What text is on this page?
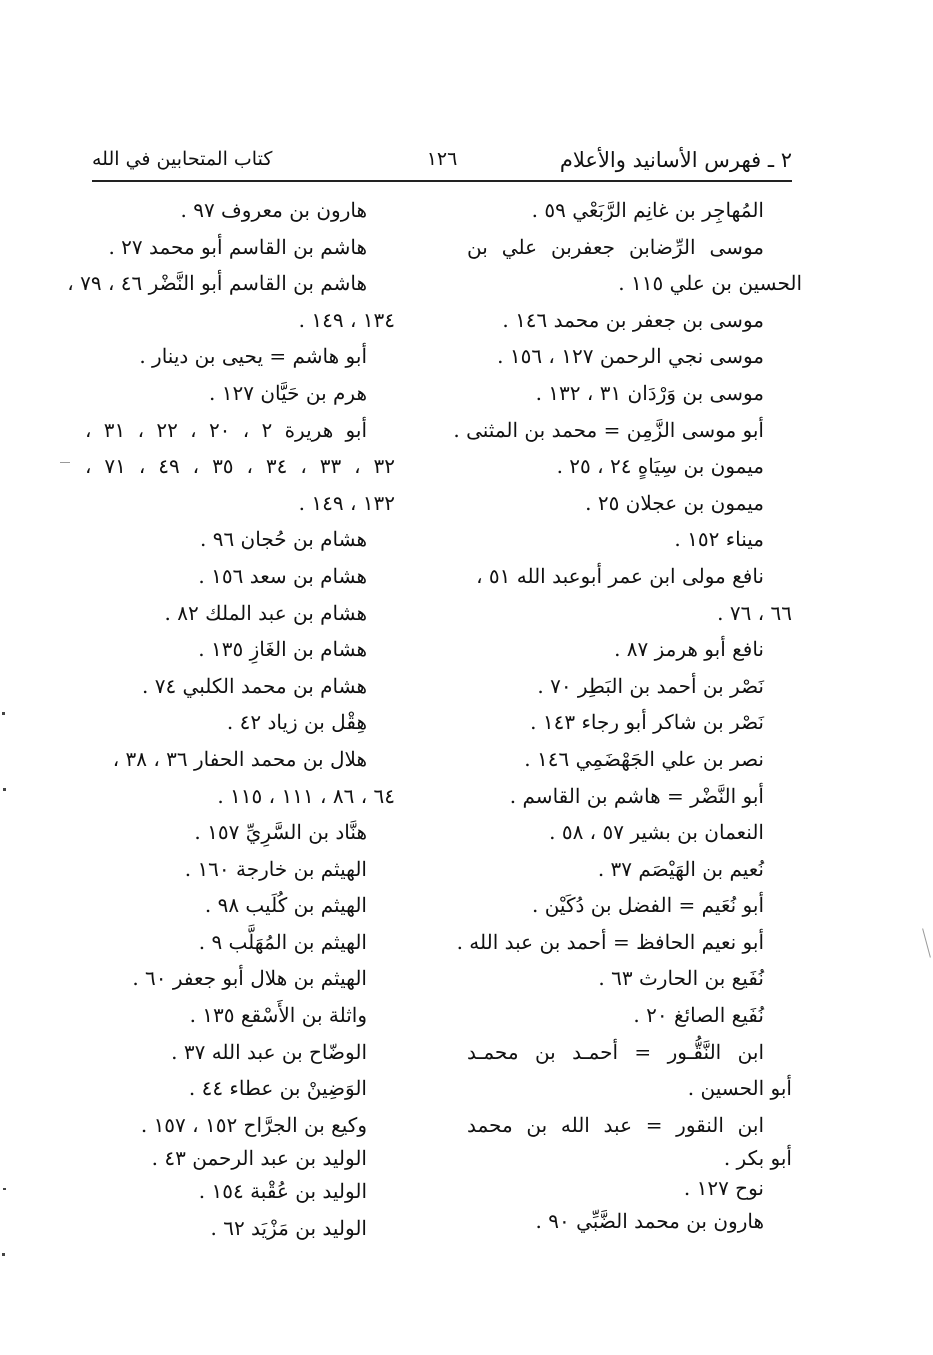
٢ ـ فهرس الأسانيد والأعلام
١٢٦
كتاب المتحابين في الله
المُهاجِر بن غانِم الرَّبَعْي ٥٩ .
موسى الرِّضابن جعفربن علي بن
الحسين بن علي ١١٥ .
موسى بن جعفر بن محمد ١٤٦ .
موسى نجي الرحمن ١٢٧ ، ١٥٦ .
موسى بن وَرْدَان ٣١ ، ١٣٢ .
أبو موسى الزَّمِن = محمد بن المثنى .
ميمون بن سِيَاهٍ ٢٤ ، ٢٥ .
ميمون بن عجلان ٢٥ .
ميناء ١٥٢ .
نافع مولى ابن عمر أبوعبد الله ٥١ ،
٦٦ ، ٧٦ .
نافع أبو هرمز ٨٧ .
نَصْر بن أحمد بن البَطِر ٧٠ .
نَصْر بن شاكر أبو رجاء ١٤٣ .
نصر بن علي الجَهْضَمِي ١٤٦ .
أبو النَّضْر = هاشم بن القاسم .
النعمان بن بشير ٥٧ ، ٥٨ .
نُعيم بن الهَيْصَم ٣٧ .
أبو نُعَيم = الفضل بن دُكَيْن .
أبو نعيم الحافظ = أحمد بن عبد الله .
نُفَيع بن الحارث ٦٣ .
نُفَيع الصائغ ٢٠ .
ابن النَّقُّـور = أحمـد بن محمـد
أبو الحسين .
ابن النقور = عبد الله بن محمد
أبو بكر .
نوح ١٢٧ .
هارون بن محمد الضَّبِّي ٩٠ .
هارون بن معروف ٩٧ .
هاشم بن القاسم أبو محمد ٢٧ .
هاشم بن القاسم أبو النَّضْر ٤٦ ، ٧٩ ،
١٣٤ ، ١٤٩ .
أبو هاشم = يحيى بن دينار .
هرم بن حَيَّان ١٢٧ .
أبو هريرة ٢ ، ٢٠ ، ٢٢ ، ٣١ ،
٣٢ ، ٣٣ ، ٣٤ ، ٣٥ ، ٤٩ ، ٧١ ،
١٣٢ ، ١٤٩ .
هشام بن حُجان ٩٦ .
هشام بن سعد ١٥٦ .
هشام بن عبد الملك ٨٢ .
هشام بن الغَازِ ١٣٥ .
هشام بن محمد الكلبي ٧٤ .
هِقْل بن زياد ٤٢ .
هلال بن محمد الحفار ٣٦ ، ٣٨ ،
٦٤ ، ٨٦ ، ١١١ ، ١١٥ .
هنَّاد بن السَّرِيِّ ١٥٧ .
الهيثم بن خارجة ١٦٠ .
الهيثم بن كُلَيب ٩٨ .
الهيثم بن المُهَلَّب ٩ .
الهيثم بن هلال أبو جعفر ٦٠ .
واثلة بن الأَسْقع ١٣٥ .
الوضّاح بن عبد الله ٣٧ .
الوَضِينْ بن عطاء ٤٤ .
وكيع بن الجرَّاح ١٥٢ ، ١٥٧ .
الوليد بن عبد الرحمن ٤٣ .
الوليد بن عُقْبة ١٥٤ .
الوليد بن مَزْيَد ٦٢ .
